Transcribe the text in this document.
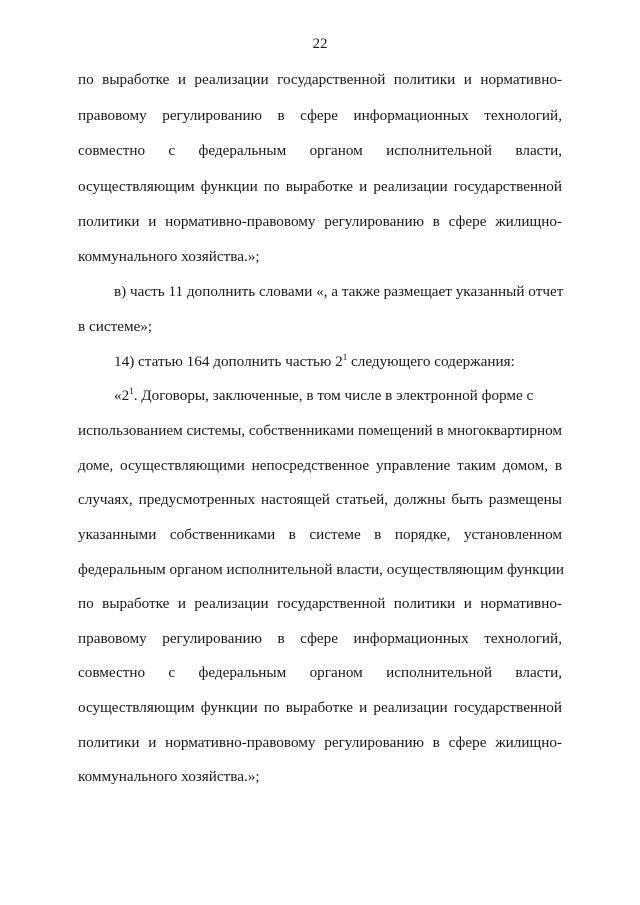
22
по выработке и реализации государственной политики и нормативно-
правовому регулированию в сфере информационных технологий,
совместно с федеральным органом исполнительной власти,
осуществляющим функции по выработке и реализации государственной
политики и нормативно-правовому регулированию в сфере жилищно-
коммунального хозяйства.»;
в) часть 11 дополнить словами «, а также размещает указанный отчет
в системе»;
14) статью 164 дополнить частью $2^1$ следующего содержания:
«$2^1$. Договоры, заключенные, в том числе в электронной форме с
использованием системы, собственниками помещений в многоквартирном
доме, осуществляющими непосредственное управление таким домом, в
случаях, предусмотренных настоящей статьей, должны быть размещены
указанными собственниками в системе в порядке, установленном
федеральным органом исполнительной власти, осуществляющим функции
по выработке и реализации государственной политики и нормативно-
правовому регулированию в сфере информационных технологий,
совместно с федеральным органом исполнительной власти,
осуществляющим функции по выработке и реализации государственной
политики и нормативно-правовому регулированию в сфере жилищно-
коммунального хозяйства.»;
